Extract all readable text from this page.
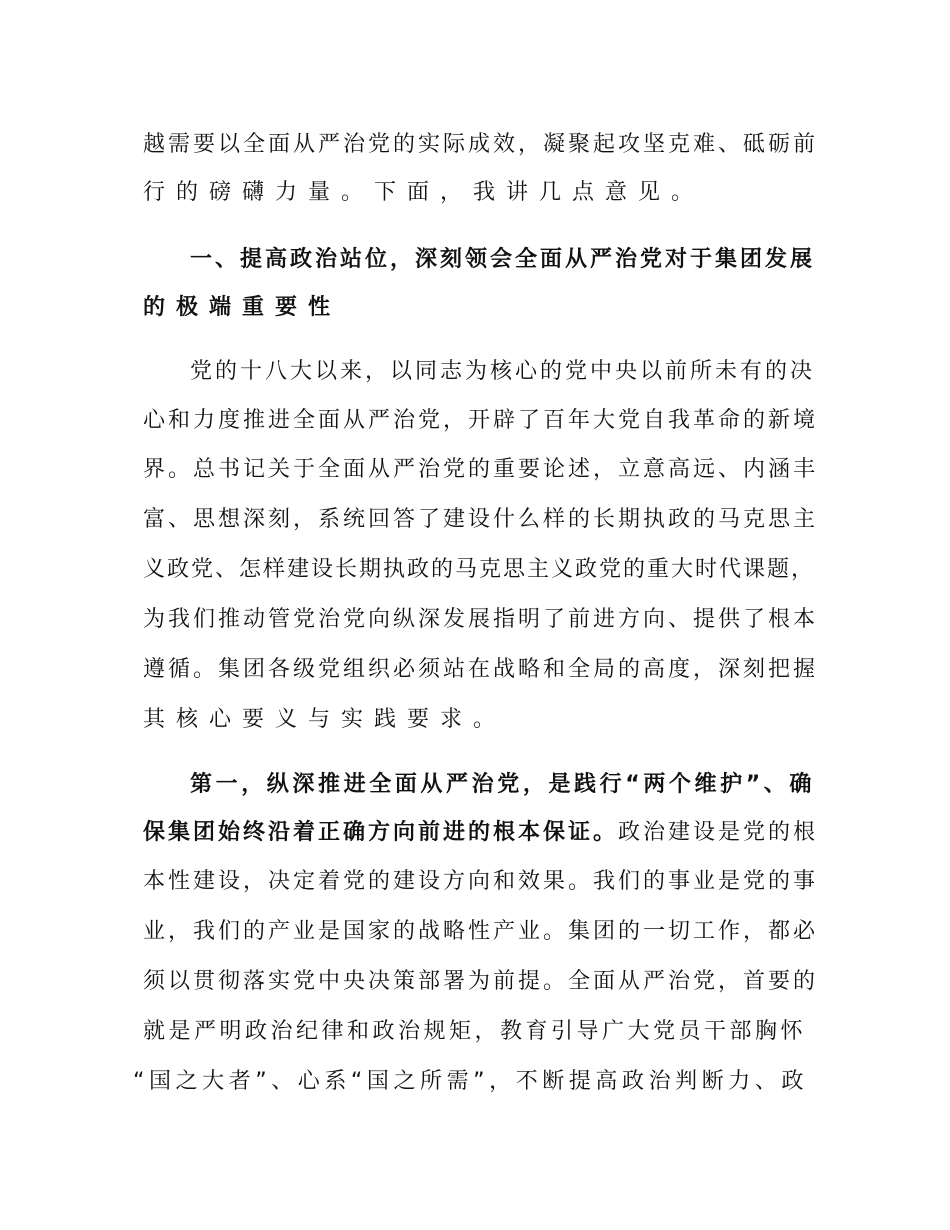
越需要以全面从严治党的实际成效，凝聚起攻坚克难、砥砺前
行的磅礴力量。下面，我讲几点意见。
一、提高政治站位，深刻领会全面从严治党对于集团发展
的极端重要性
党的十八大以来，以同志为核心的党中央以前所未有的决
心和力度推进全面从严治党，开辟了百年大党自我革命的新境
界。总书记关于全面从严治党的重要论述，立意高远、内涵丰
富、思想深刻，系统回答了建设什么样的长期执政的马克思主
义政党、怎样建设长期执政的马克思主义政党的重大时代课题，
为我们推动管党治党向纵深发展指明了前进方向、提供了根本
遵循。集团各级党组织必须站在战略和全局的高度，深刻把握
其核心要义与实践要求。
第一，纵深推进全面从严治党，是践行“两个维护”、确
保集团始终沿着正确方向前进的根本保证。政治建设是党的根
本性建设，决定着党的建设方向和效果。我们的事业是党的事
业，我们的产业是国家的战略性产业。集团的一切工作，都必
须以贯彻落实党中央决策部署为前提。全面从严治党，首要的
就是严明政治纪律和政治规矩，教育引导广大党员干部胸怀
“国之大者”、心系“国之所需”，不断提高政治判断力、政
